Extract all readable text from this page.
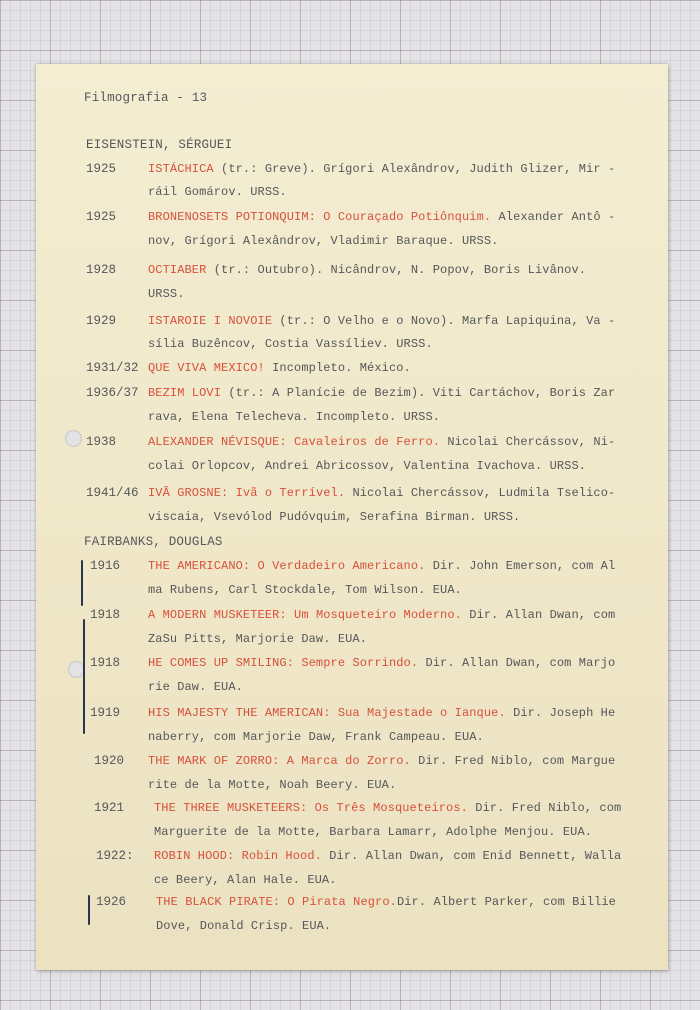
Filmografia - 13
EISENSTEIN, SÉRGUEI
1925	ISTÁCHICA (tr.: Greve). Grígori Alexândrov, Judith Glizer, Mir -
ráil Gomárov. URSS.
1925	BRONENOSETS POTIONQUIM: O Couraçado Potiônquim. Alexander Antô -
nov, Grígori Alexândrov, Vladimir Baraque. URSS.
1928	OCTIABER (tr.: Outubro). Nicândrov, N. Popov, Boris Livânov.
URSS.
1929	ISTAROIE I NOVOIE (tr.: O Velho e o Novo). Marfa Lapiquina, Va -
sília Buzêncov, Costia Vassíliev. URSS.
1931/32 QUE VIVA MEXICO! Incompleto. México.
1936/37 BEZIM LOVI (tr.: A Planície de Bezim). Viti Cartáchov, Boris Zar
rava, Elena Telecheva. Incompleto. URSS.
1938	ALEXANDER NÉVISQUE: Cavaleiros de Ferro. Nicolai Chercássov, Ni-
colai Orlopcov, Andrei Abricossov, Valentina Ivachova. URSS.
1941/46 IVÃ GROSNE: Ivã o Terrível. Nicolai Chercássov, Ludmila Tselico-
viscaia, Vsevólod Pudóvquim, Serafina Birman. URSS.
FAIRBANKS, DOUGLAS
1916 THE AMERICANO: O Verdadeiro Americano. Dir. John Emerson, com Al
ma Rubens, Carl Stockdale, Tom Wilson. EUA.
1918 A MODERN MUSKETEER: Um Mosqueteiro Moderno. Dir. Allan Dwan, com
ZaSu Pitts, Marjorie Daw. EUA.
1918 HE COMES UP SMILING: Sempre Sorrindo. Dir. Allan Dwan, com Marjo
rie Daw. EUA.
1919 HIS MAJESTY THE AMERICAN: Sua Majestade o Ianque. Dir. Joseph He
naberry, com Marjorie Daw, Frank Campeau. EUA.
1920 THE MARK OF ZORRO: A Marca do Zorro. Dir. Fred Niblo, com Margue
rite de la Motte, Noah Beery. EUA.
1921 THE THREE MUSKETEERS: Os Três Mosqueteiros. Dir. Fred Niblo, com
Marguerite de la Motte, Barbara Lamarr, Adolphe Menjou. EUA.
1922: ROBIN HOOD: Robin Hood. Dir. Allan Dwan, com Enid Bennett, Walla
ce Beery, Alan Hale. EUA.
1926 THE BLACK PIRATE: O Pirata Negro.Dir. Albert Parker, com Billie
Dove, Donald Crisp. EUA.
